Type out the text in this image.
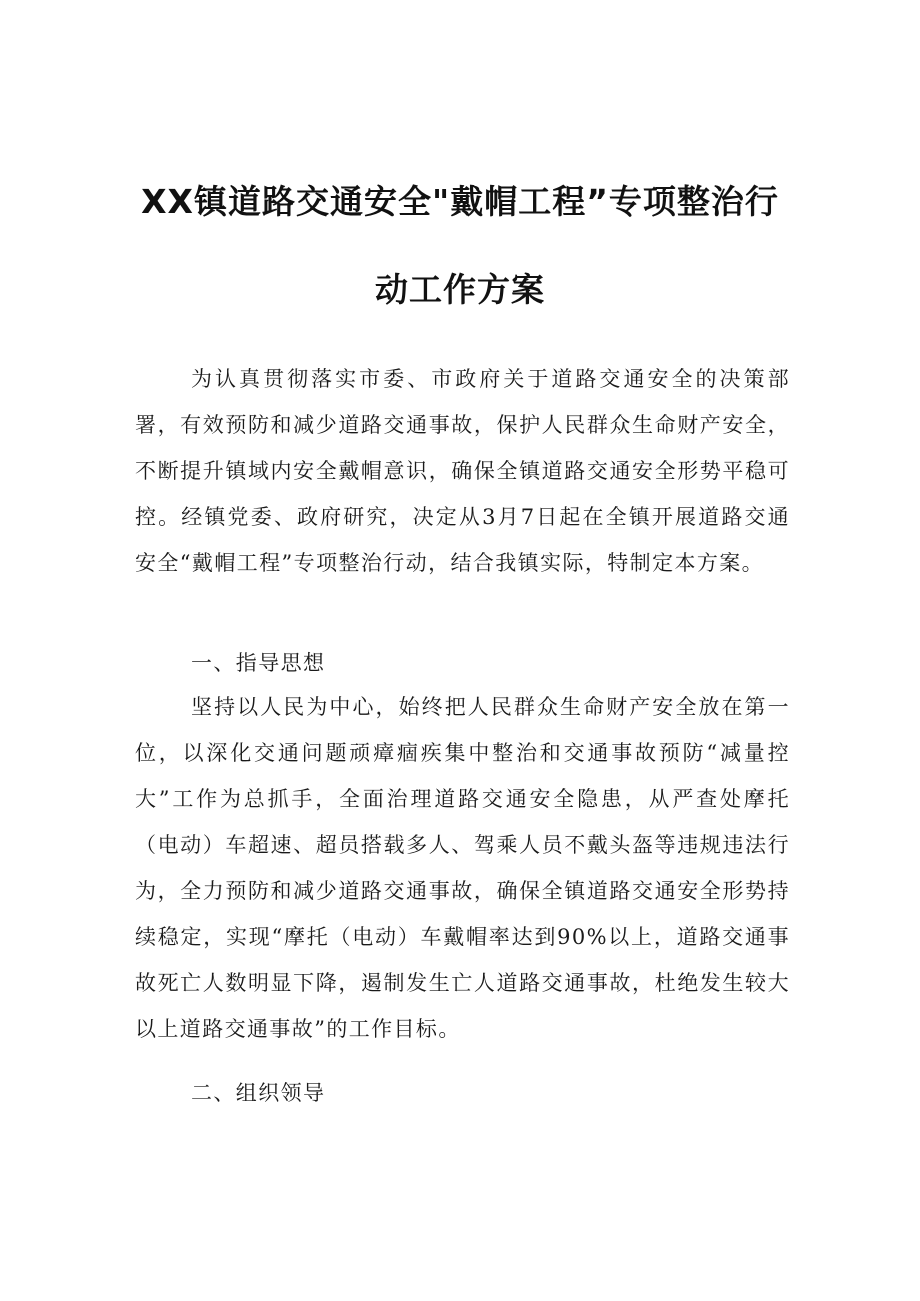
XX镇道路交通安全"戴帽工程”专项整治行
动工作方案
为认真贯彻落实市委、市政府关于道路交通安全的决策部署，有效预防和减少道路交通事故，保护人民群众生命财产安全，不断提升镇域内安全戴帽意识，确保全镇道路交通安全形势平稳可控。经镇党委、政府研究，决定从3月7日起在全镇开展道路交通安全“戴帽工程”专项整治行动，结合我镇实际，特制定本方案。
一、指导思想
坚持以人民为中心，始终把人民群众生命财产安全放在第一位，以深化交通问题顽瘴痼疾集中整治和交通事故预防“减量控大”工作为总抓手，全面治理道路交通安全隐患，从严查处摩托（电动）车超速、超员搭载多人、驾乘人员不戴头盔等违规违法行为，全力预防和减少道路交通事故，确保全镇道路交通安全形势持续稳定，实现“摩托（电动）车戴帽率达到90%以上，道路交通事故死亡人数明显下降，遏制发生亡人道路交通事故，杜绝发生较大以上道路交通事故”的工作目标。
二、组织领导
